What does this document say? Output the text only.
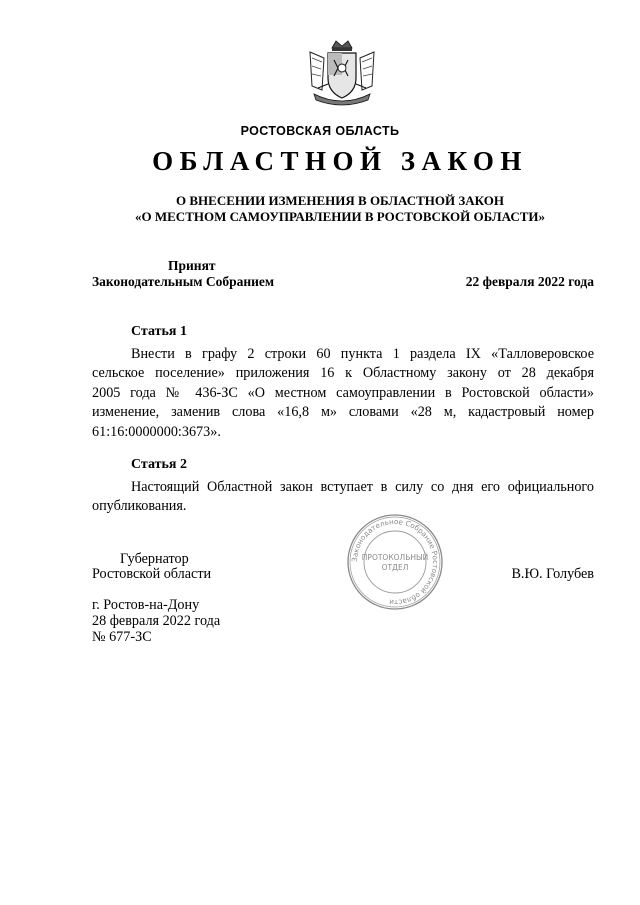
РОСТОВСКАЯ ОБЛАСТЬ
ОБЛАСТНОЙ ЗАКОН
О ВНЕСЕНИИ ИЗМЕНЕНИЯ В ОБЛАСТНОЙ ЗАКОН
«О МЕСТНОМ САМОУПРАВЛЕНИИ В РОСТОВСКОЙ ОБЛАСТИ»
Принят
Законодательным Собранием	22 февраля 2022 года
Статья 1
Внести в графу 2 строки 60 пункта 1 раздела IX «Талловеровское
сельское поселение» приложения 16 к Областному закону от 28 декабря
2005 года № 436-ЗС «О местном самоуправлении в Ростовской области»
изменение, заменив слова «16,8 м» словами «28 м, кадастровый номер
61:16:0000000:3673».
Статья 2
Настоящий Областной закон вступает в силу со дня его официального
опубликования.
Губернатор
Ростовской области	В.Ю. Голубев
Законодательное Собрание Ростовской области
ПРОТОКОЛЬНЫЙ
ОТДЕЛ
г. Ростов-на-Дону
28 февраля 2022 года
№ 677-ЗС
